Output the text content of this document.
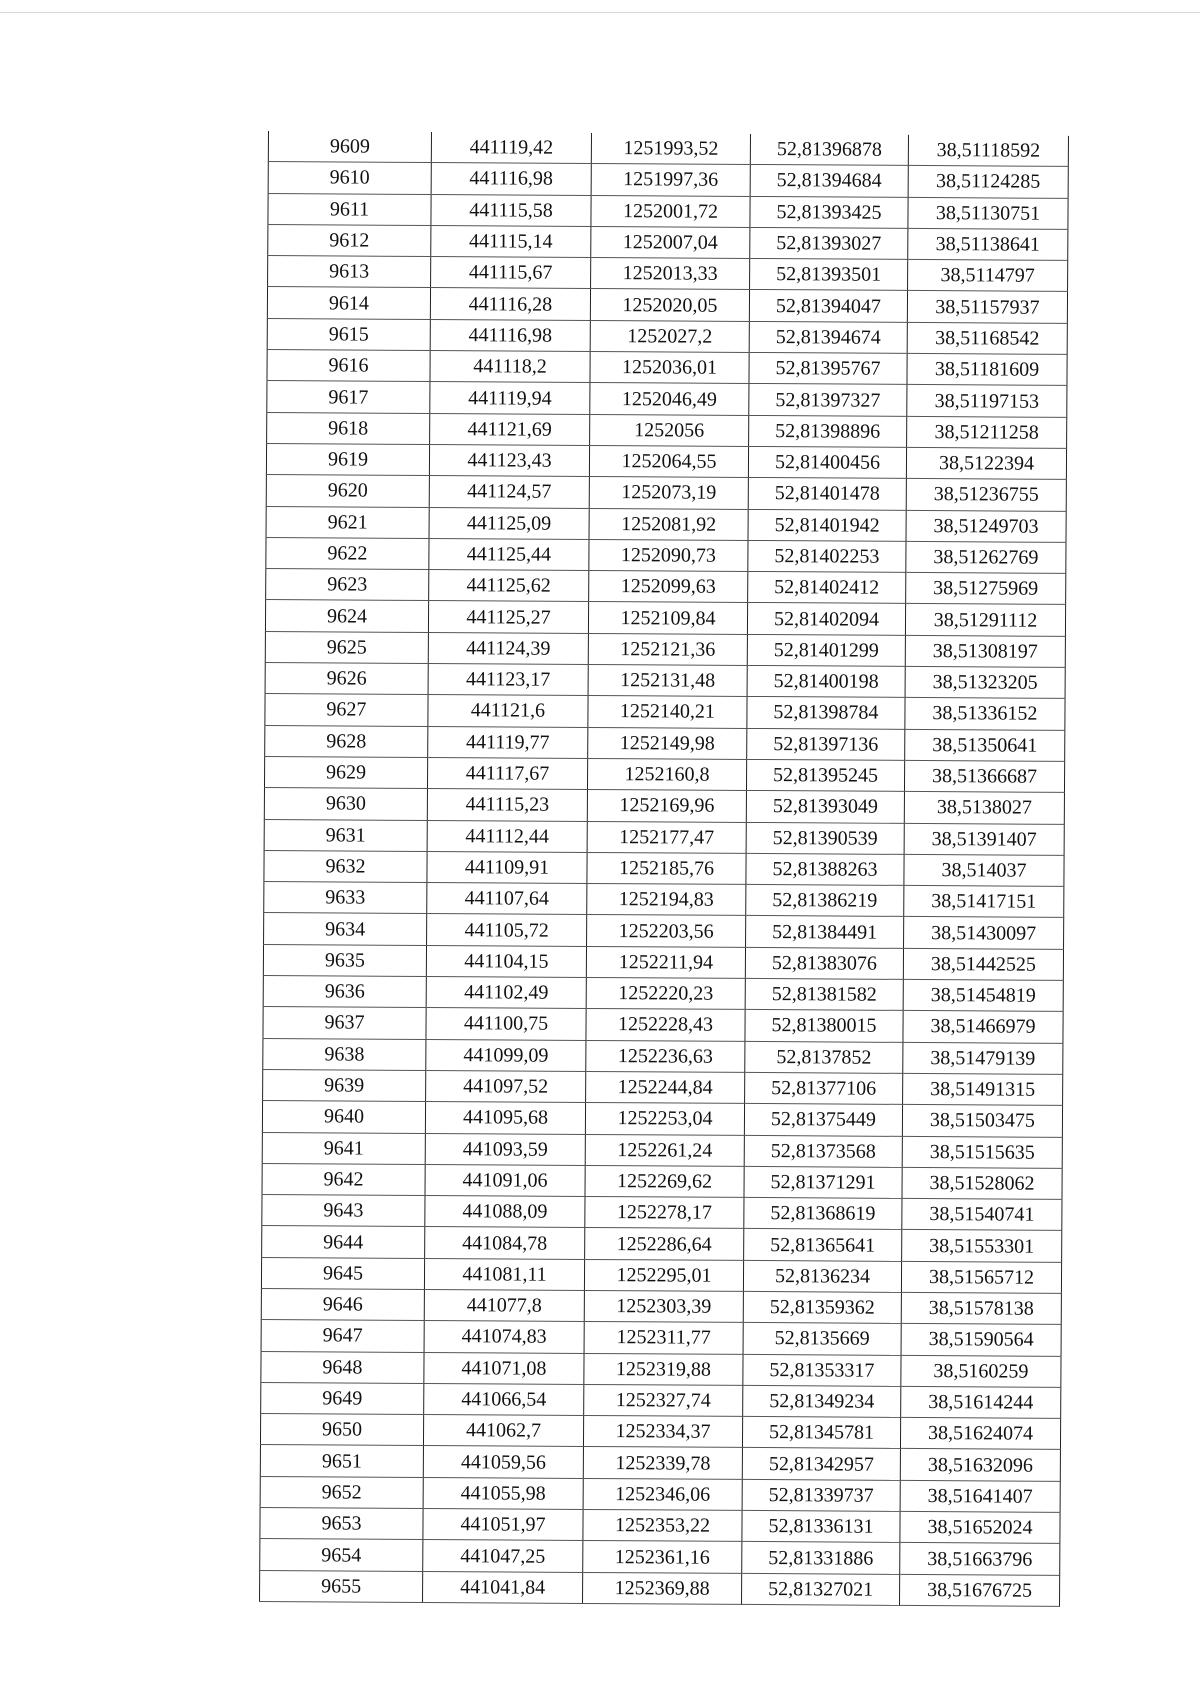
9609	441119,42	1251993,52	52,81396878	38,51118592
9610	441116,98	1251997,36	52,81394684	38,51124285
9611	441115,58	1252001,72	52,81393425	38,51130751
9612	441115,14	1252007,04	52,81393027	38,51138641
9613	441115,67	1252013,33	52,81393501	38,5114797
9614	441116,28	1252020,05	52,81394047	38,51157937
9615	441116,98	1252027,2	52,81394674	38,51168542
9616	441118,2	1252036,01	52,81395767	38,51181609
9617	441119,94	1252046,49	52,81397327	38,51197153
9618	441121,69	1252056	52,81398896	38,51211258
9619	441123,43	1252064,55	52,81400456	38,5122394
9620	441124,57	1252073,19	52,81401478	38,51236755
9621	441125,09	1252081,92	52,81401942	38,51249703
9622	441125,44	1252090,73	52,81402253	38,51262769
9623	441125,62	1252099,63	52,81402412	38,51275969
9624	441125,27	1252109,84	52,81402094	38,51291112
9625	441124,39	1252121,36	52,81401299	38,51308197
9626	441123,17	1252131,48	52,81400198	38,51323205
9627	441121,6	1252140,21	52,81398784	38,51336152
9628	441119,77	1252149,98	52,81397136	38,51350641
9629	441117,67	1252160,8	52,81395245	38,51366687
9630	441115,23	1252169,96	52,81393049	38,5138027
9631	441112,44	1252177,47	52,81390539	38,51391407
9632	441109,91	1252185,76	52,81388263	38,514037
9633	441107,64	1252194,83	52,81386219	38,51417151
9634	441105,72	1252203,56	52,81384491	38,51430097
9635	441104,15	1252211,94	52,81383076	38,51442525
9636	441102,49	1252220,23	52,81381582	38,51454819
9637	441100,75	1252228,43	52,81380015	38,51466979
9638	441099,09	1252236,63	52,8137852	38,51479139
9639	441097,52	1252244,84	52,81377106	38,51491315
9640	441095,68	1252253,04	52,81375449	38,51503475
9641	441093,59	1252261,24	52,81373568	38,51515635
9642	441091,06	1252269,62	52,81371291	38,51528062
9643	441088,09	1252278,17	52,81368619	38,51540741
9644	441084,78	1252286,64	52,81365641	38,51553301
9645	441081,11	1252295,01	52,8136234	38,51565712
9646	441077,8	1252303,39	52,81359362	38,51578138
9647	441074,83	1252311,77	52,8135669	38,51590564
9648	441071,08	1252319,88	52,81353317	38,5160259
9649	441066,54	1252327,74	52,81349234	38,51614244
9650	441062,7	1252334,37	52,81345781	38,51624074
9651	441059,56	1252339,78	52,81342957	38,51632096
9652	441055,98	1252346,06	52,81339737	38,51641407
9653	441051,97	1252353,22	52,81336131	38,51652024
9654	441047,25	1252361,16	52,81331886	38,51663796
9655	441041,84	1252369,88	52,81327021	38,51676725
